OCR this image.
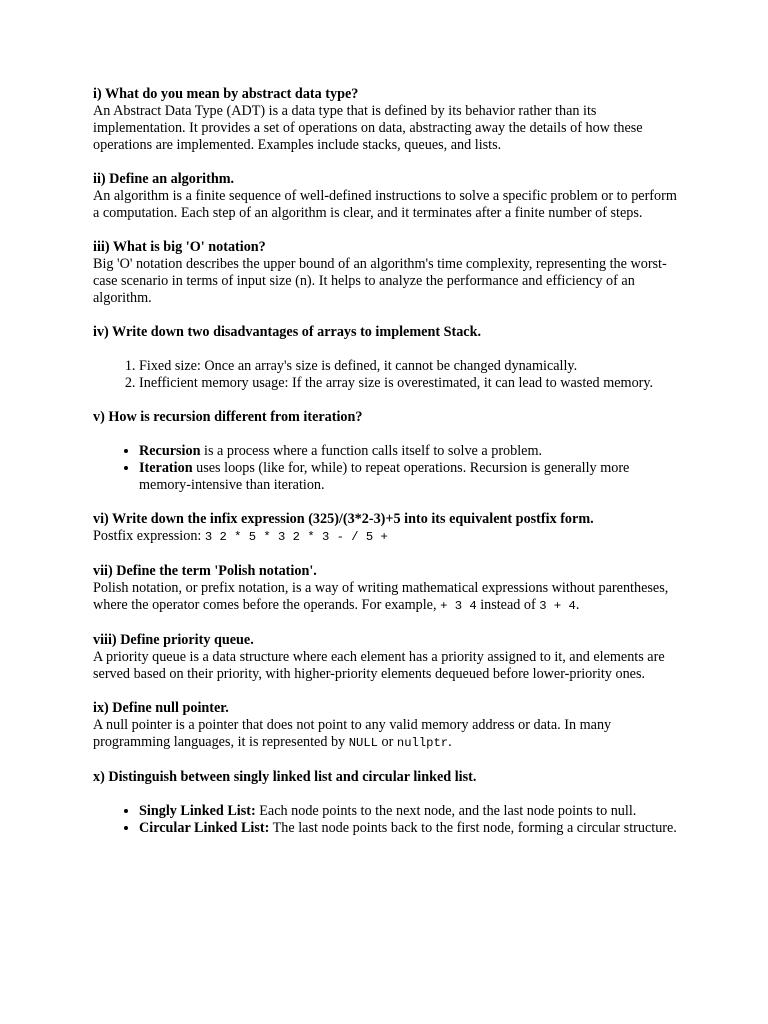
i) What do you mean by abstract data type?

An Abstract Data Type (ADT) is a data type that is defined by its behavior rather than its implementation. It provides a set of operations on data, abstracting away the details of how these operations are implemented. Examples include stacks, queues, and lists.

ii) Define an algorithm.

An algorithm is a finite sequence of well-defined instructions to solve a specific problem or to perform a computation. Each step of an algorithm is clear, and it terminates after a finite number of steps.

iii) What is big 'O' notation?

Big 'O' notation describes the upper bound of an algorithm's time complexity, representing the worst-case scenario in terms of input size (n). It helps to analyze the performance and efficiency of an algorithm.

iv) Write down two disadvantages of arrays to implement Stack.

1. Fixed size: Once an array's size is defined, it cannot be changed dynamically.
2. Inefficient memory usage: If the array size is overestimated, it can lead to wasted memory.

v) How is recursion different from iteration?

• Recursion is a process where a function calls itself to solve a problem.
• Iteration uses loops (like for, while) to repeat operations. Recursion is generally more memory-intensive than iteration.

vi) Write down the infix expression (325)/(3*2-3)+5 into its equivalent postfix form.

Postfix expression: 3 2 * 5 * 3 2 * 3 - / 5 +

vii) Define the term 'Polish notation'.

Polish notation, or prefix notation, is a way of writing mathematical expressions without parentheses, where the operator comes before the operands. For example, + 3 4 instead of 3 + 4.

viii) Define priority queue.

A priority queue is a data structure where each element has a priority assigned to it, and elements are served based on their priority, with higher-priority elements dequeued before lower-priority ones.

ix) Define null pointer.

A null pointer is a pointer that does not point to any valid memory address or data. In many programming languages, it is represented by NULL or nullptr.

x) Distinguish between singly linked list and circular linked list.

• Singly Linked List: Each node points to the next node, and the last node points to null.
• Circular Linked List: The last node points back to the first node, forming a circular structure.
